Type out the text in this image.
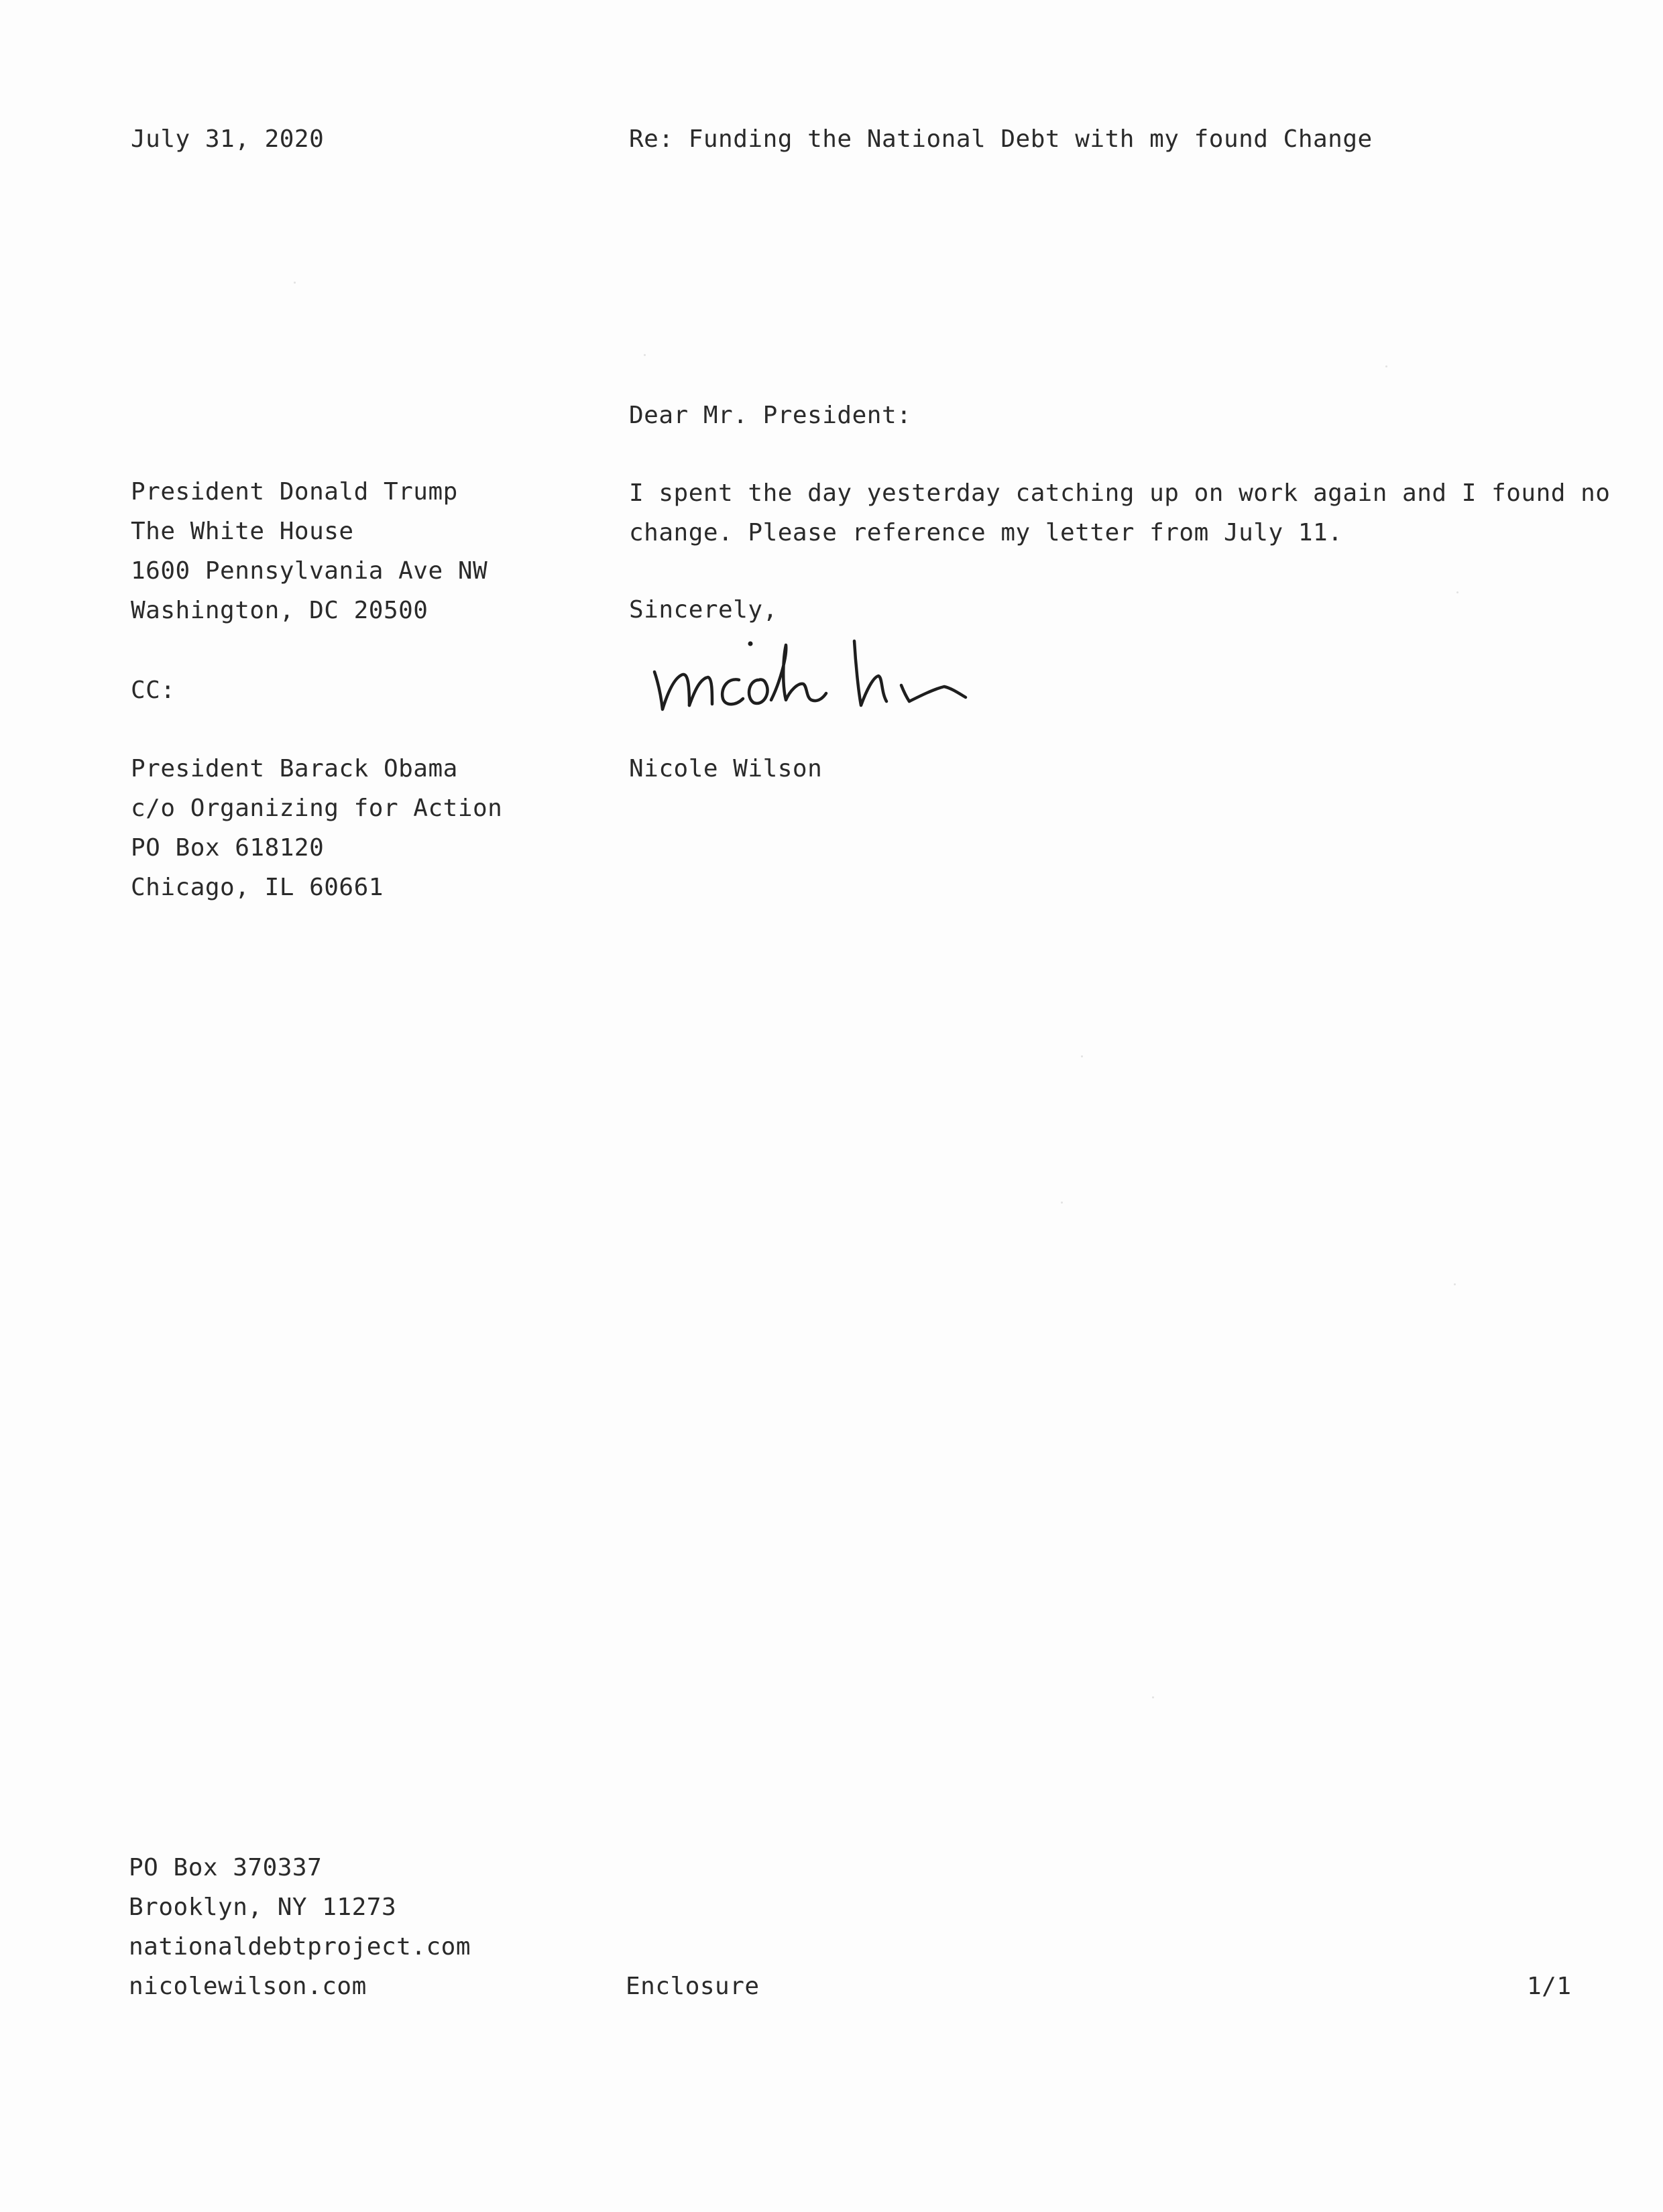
July 31, 2020	Re: Funding the National Debt with my found Change
Dear Mr. President:
President Donald Trump
The White House
1600 Pennsylvania Ave NW
Washington, DC 20500
I spent the day yesterday catching up on work again and I found no
change. Please reference my letter from July 11.
Sincerely,
Nicole Wilson
CC:
President Barack Obama
c/o Organizing for Action
PO Box 618120
Chicago, IL 60661
PO Box 370337
Brooklyn, NY 11273
nationaldebtproject.com
nicolewilson.com	Enclosure	1/1
